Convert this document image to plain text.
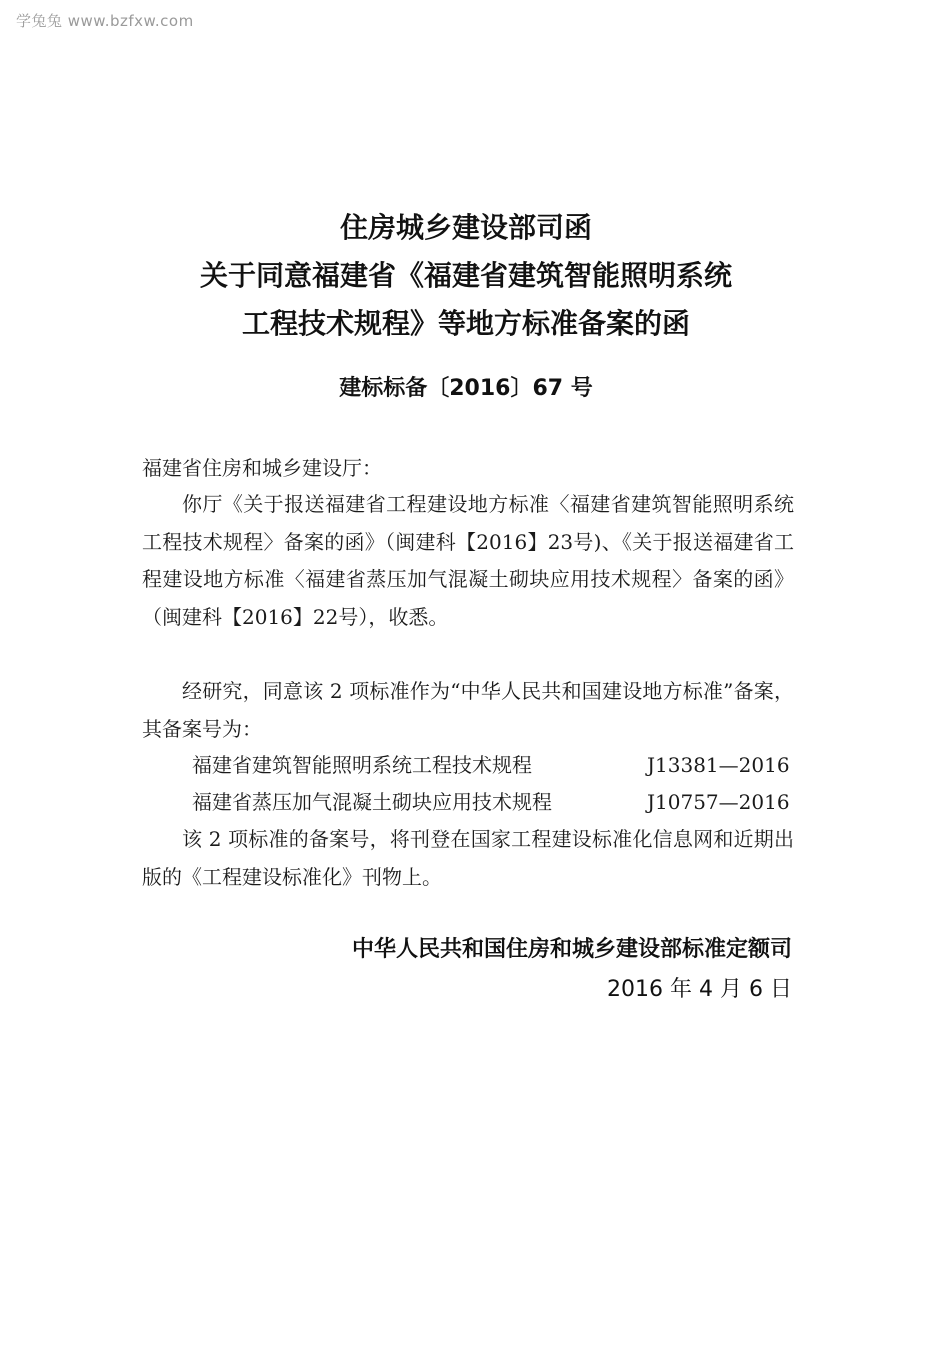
学兔兔 www.bzfxw.com
住房城乡建设部司函
关于同意福建省《福建省建筑智能照明系统
工程技术规程》等地方标准备案的函
建标标备〔2016〕67 号
福建省住房和城乡建设厅：

你厅《关于报送福建省工程建设地方标准〈福建省建筑智能照明系统工程技术规程〉备案的函》（闽建科【2016】23号)、《关于报送福建省工程建设地方标准〈福建省蒸压加气混凝土砌块应用技术规程〉备案的函》（闽建科【2016】22号），收悉。

经研究，同意该 2 项标准作为“中华人民共和国建设地方标准”备案，其备案号为：

福建省建筑智能照明系统工程技术规程	J13381—2016
福建省蒸压加气混凝土砌块应用技术规程	J10757—2016

该 2 项标准的备案号，将刊登在国家工程建设标准化信息网和近期出版的《工程建设标准化》刊物上。

中华人民共和国住房和城乡建设部标准定额司
2016 年 4 月 6 日
